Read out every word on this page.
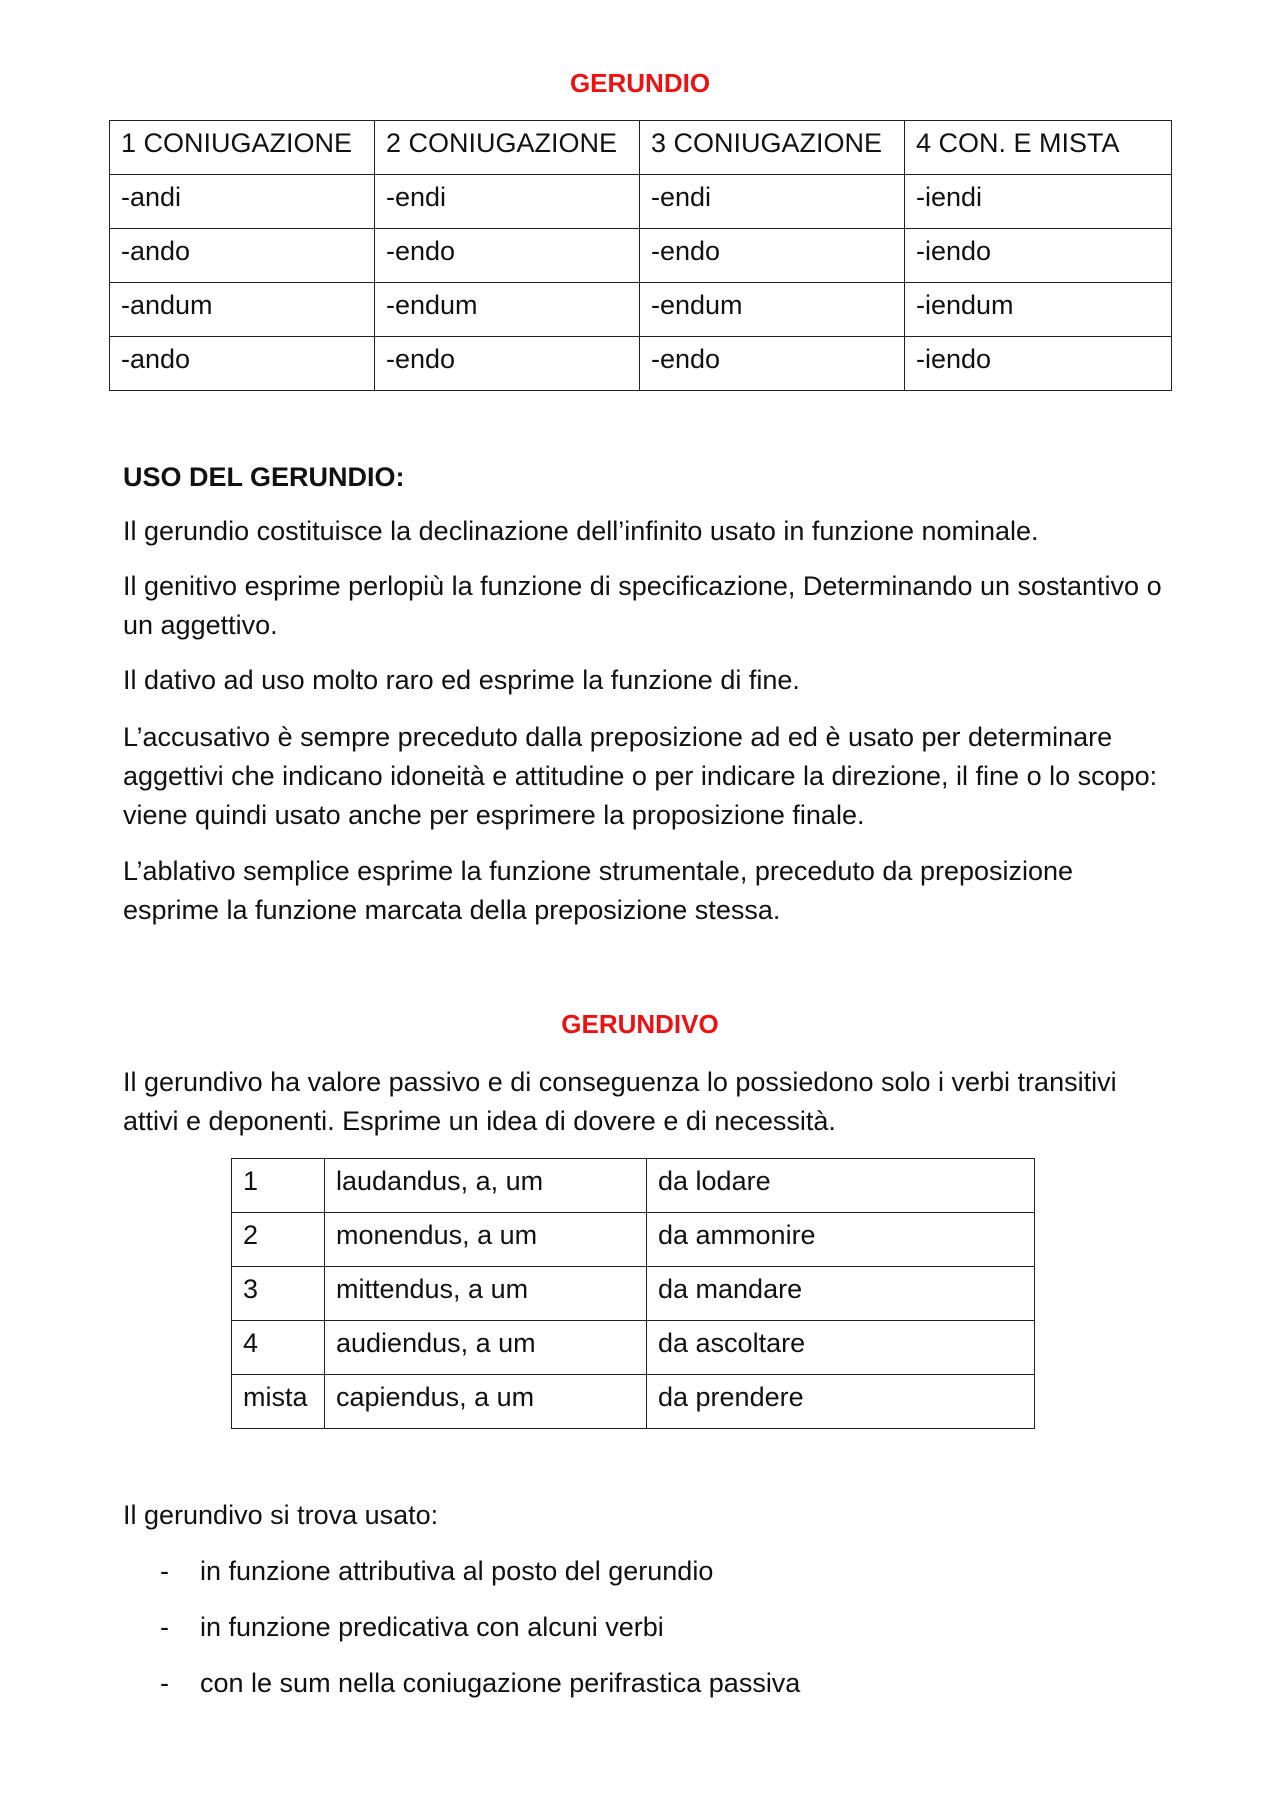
GERUNDIO
1 CONIUGAZIONE	2 CONIUGAZIONE	3 CONIUGAZIONE	4 CON. E MISTA
-andi	-endi	-endi	-iendi
-ando	-endo	-endo	-iendo
-andum	-endum	-endum	-iendum
-ando	-endo	-endo	-iendo
USO DEL GERUNDIO:

Il gerundio costituisce la declinazione dell’infinito usato in funzione nominale.

Il genitivo esprime perlopiù la funzione di specificazione, Determinando un sostantivo o un aggettivo.

Il dativo ad uso molto raro ed esprime la funzione di fine.

L’accusativo è sempre preceduto dalla preposizione ad ed è usato per determinare aggettivi che indicano idoneità e attitudine o per indicare la direzione, il fine o lo scopo: viene quindi usato anche per esprimere la proposizione finale.

L’ablativo semplice esprime la funzione strumentale, preceduto da preposizione esprime la funzione marcata della preposizione stessa.

GERUNDIVO

Il gerundivo ha valore passivo e di conseguenza lo possiedono solo i verbi transitivi attivi e deponenti. Esprime un idea di dovere e di necessità.

1	laudandus, a, um	da lodare
2	monendus, a um	da ammonire
3	mittendus, a um	da mandare
4	audiendus, a um	da ascoltare
mista	capiendus, a um	da prendere

Il gerundivo si trova usato:

-	in funzione attributiva al posto del gerundio
-	in funzione predicativa con alcuni verbi
-	con le sum nella coniugazione perifrastica passiva
